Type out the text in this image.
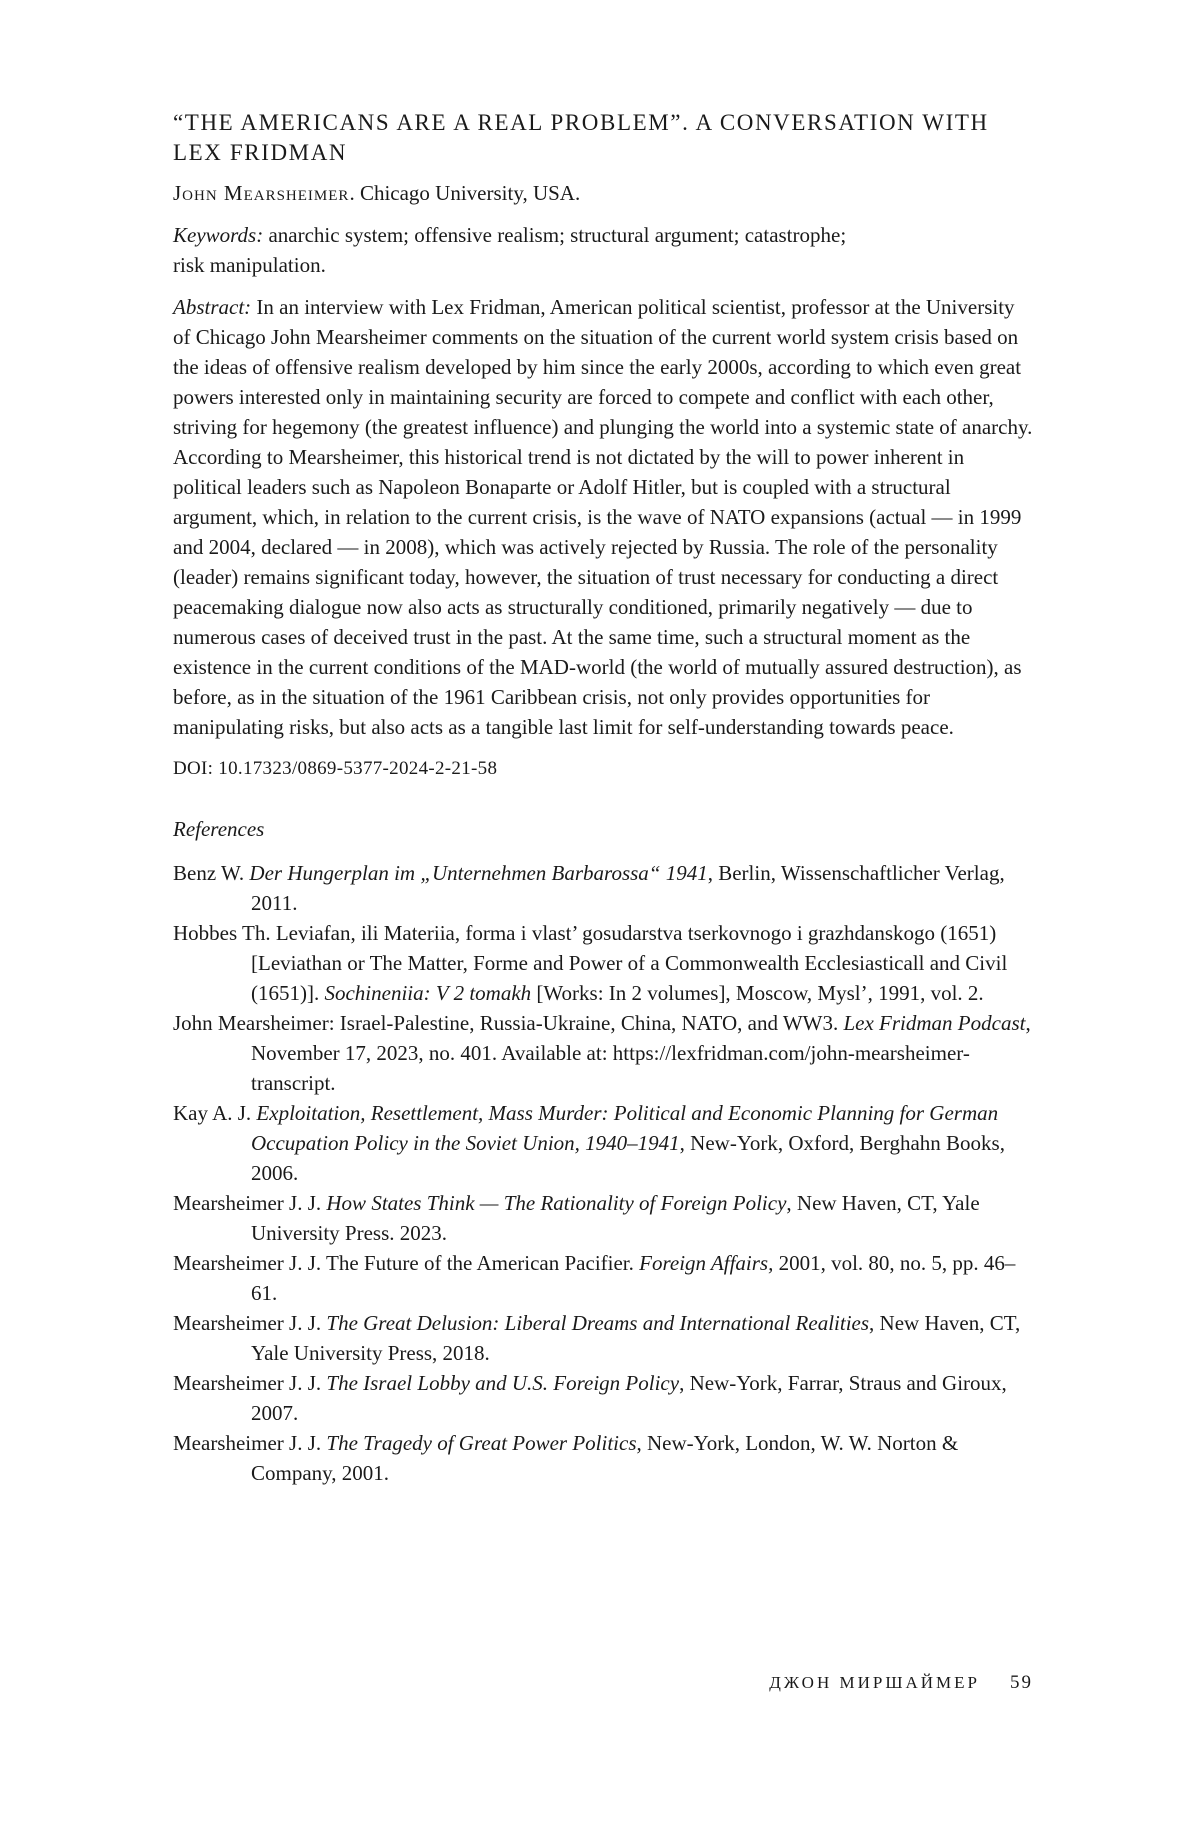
“THE AMERICANS ARE A REAL PROBLEM”. A CONVERSATION WITH LEX FRIDMAN
John Mearsheimer. Chicago University, USA.
Keywords: anarchic system; offensive realism; structural argument; catastrophe; risk manipulation.
Abstract: In an interview with Lex Fridman, American political scientist, professor at the University of Chicago John Mearsheimer comments on the situation of the current world system crisis based on the ideas of offensive realism developed by him since the early 2000s, according to which even great powers interested only in maintaining security are forced to compete and conflict with each other, striving for hegemony (the greatest influence) and plunging the world into a systemic state of anarchy. According to Mearsheimer, this historical trend is not dictated by the will to power inherent in political leaders such as Napoleon Bonaparte or Adolf Hitler, but is coupled with a structural argument, which, in relation to the current crisis, is the wave of NATO expansions (actual — in 1999 and 2004, declared — in 2008), which was actively rejected by Russia. The role of the personality (leader) remains significant today, however, the situation of trust necessary for conducting a direct peacemaking dialogue now also acts as structurally conditioned, primarily negatively — due to numerous cases of deceived trust in the past. At the same time, such a structural moment as the existence in the current conditions of the MAD-world (the world of mutually assured destruction), as before, as in the situation of the 1961 Caribbean crisis, not only provides opportunities for manipulating risks, but also acts as a tangible last limit for self-understanding towards peace.
DOI: 10.17323/0869-5377-2024-2-21-58
References
Benz W. Der Hungerplan im „Unternehmen Barbarossa“ 1941, Berlin, Wissenschaftliсher Verlag, 2011.
Hobbes Th. Leviafan, ili Materiia, forma i vlast’ gosudarstva tserkovnogo i grazhdanskogo (1651) [Leviathan or The Matter, Forme and Power of a Commonwealth Ecclesiasticall and Civil (1651)]. Sochineniia: V 2 tomakh [Works: In 2 volumes], Moscow, Mysl’, 1991, vol. 2.
John Mearsheimer: Israel-Palestine, Russia-Ukraine, China, NATO, and WW3. Lex Fridman Podcast, November 17, 2023, no. 401. Available at: https://lexfridman.com/john-mearsheimer-transcript.
Kay A. J. Exploitation, Resettlement, Mass Murder: Political and Economic Planning for German Occupation Policy in the Soviet Union, 1940–1941, New-York, Oxford, Berghahn Books, 2006.
Mearsheimer J. J. How States Think — The Rationality of Foreign Policy, New Haven, CT, Yale University Press. 2023.
Mearsheimer J. J. The Future of the American Pacifier. Foreign Affairs, 2001, vol. 80, no. 5, pp. 46–61.
Mearsheimer J. J. The Great Delusion: Liberal Dreams and International Realities, New Haven, CT, Yale University Press, 2018.
Mearsheimer J. J. The Israel Lobby and U.S. Foreign Policy, New-York, Farrar, Straus and Giroux, 2007.
Mearsheimer J. J. The Tragedy of Great Power Politics, New-York, London, W. W. Norton & Company, 2001.
ДЖОН МИРШАЙМЕР 59
